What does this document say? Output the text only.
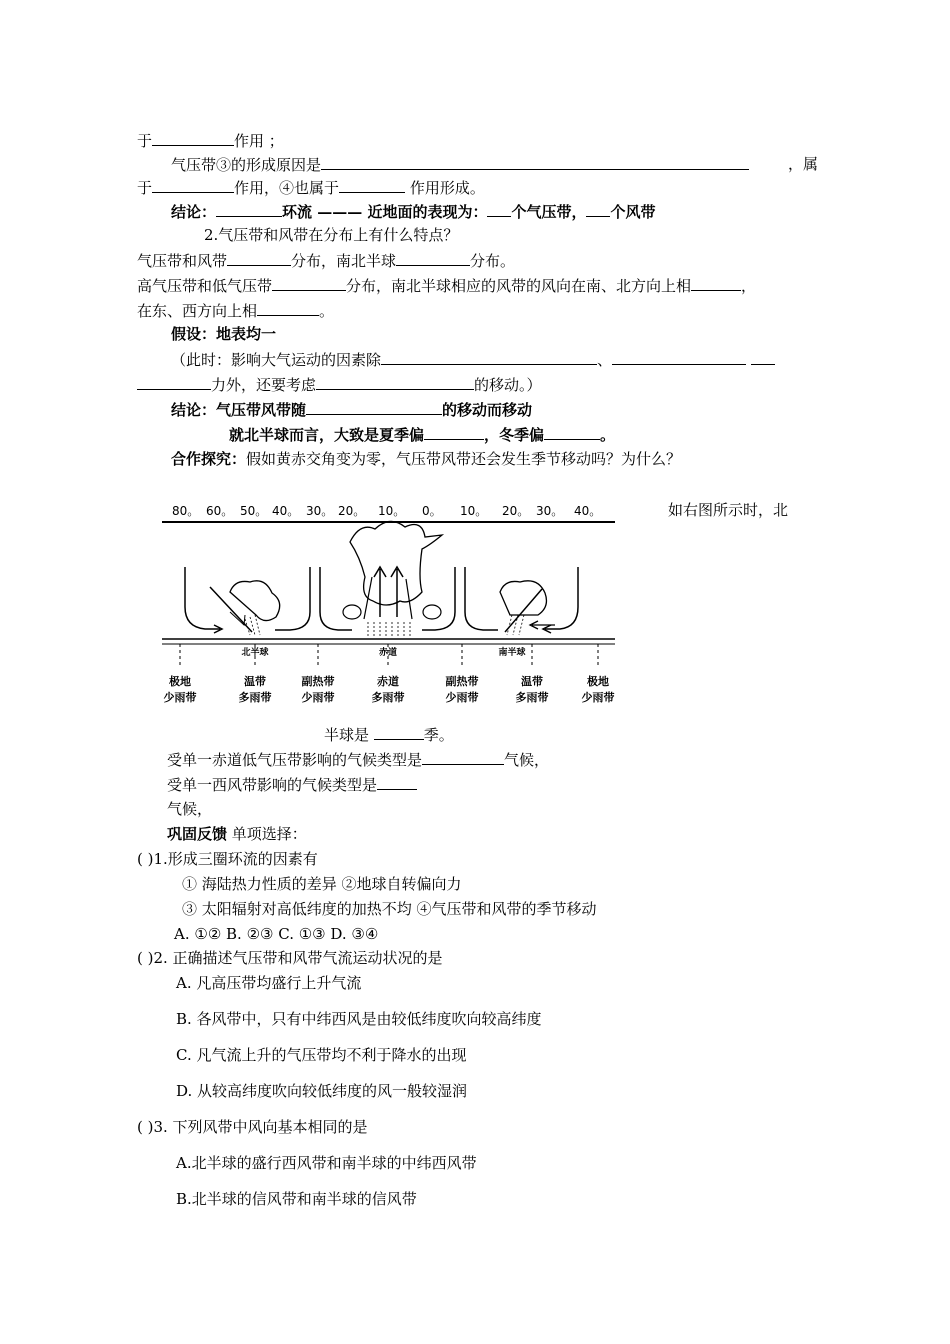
于	作用 ；
气压带③的形成原因是	，属
于	作用，④也属于	作用形成。
结论：	环流 ——— 近地面的表现为： 个气压带， 个风带
2.气压带和风带在分布上有什么特点？
气压带和风带	分布，南北半球	分布。
高气压带和低气压带	分布，南北半球相应的风带的风向在南、北方向上相	，
在东、西方向上相	。
假设：地表均一
（此时：影响大气运动的因素除	、
力外，还要考虑	的移动。）
结论：气压带风带随	的移动而移动
就北半球而言，大致是夏季偏	，冬季偏	。
合作探究：假如黄赤交角变为零，气压带风带还会发生季节移动吗？为什么？
80。 60。 50。 40。 30。 20。 10。 0。 10。 20。 30。 40。
北半球	赤道	南半球
极地
少雨带
温带
多雨带
副热带
少雨带
赤道
多雨带
副热带
少雨带
温带
多雨带
极地
少雨带
如右图所示时，北
半球是	季。
受单一赤道低气压带影响的气候类型是	气候，
受单一西风带影响的气候类型是
气候，
巩固反馈 单项选择：
( )1.形成三圈环流的因素有
① 海陆热力性质的差异 ②地球自转偏向力
③ 太阳辐射对高低纬度的加热不均 ④气压带和风带的季节移动
A. ①② B. ②③ C. ①③ D. ③④
( )2. 正确描述气压带和风带气流运动状况的是
A. 凡高压带均盛行上升气流
B. 各风带中，只有中纬西风是由较低纬度吹向较高纬度
C. 凡气流上升的气压带均不利于降水的出现
D. 从较高纬度吹向较低纬度的风一般较湿润
( )3. 下列风带中风向基本相同的是
A.北半球的盛行西风带和南半球的中纬西风带
B.北半球的信风带和南半球的信风带
